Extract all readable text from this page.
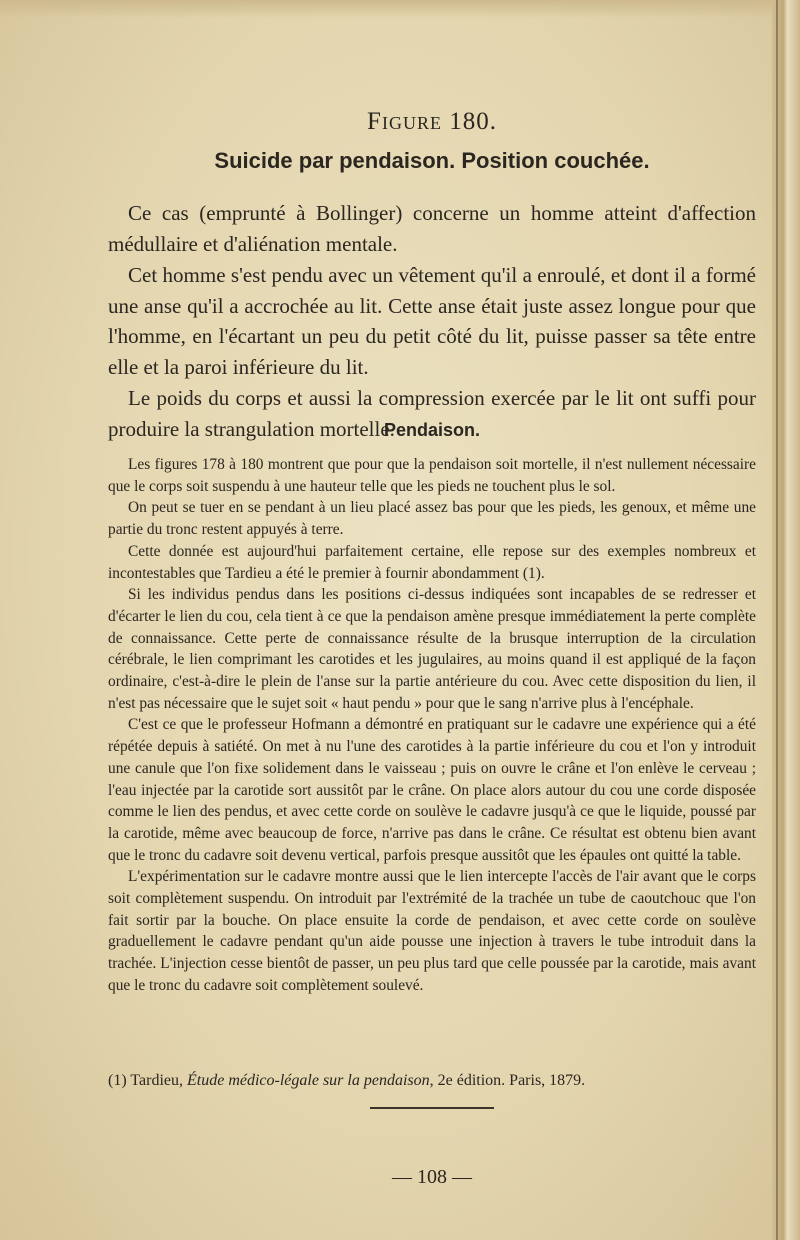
Figure 180.
Suicide par pendaison. Position couchée.

Ce cas (emprunté à Bollinger) concerne un homme atteint d'affection médullaire et d'aliénation mentale.

Cet homme s'est pendu avec un vêtement qu'il a enroulé, et dont il a formé une anse qu'il a accrochée au lit. Cette anse était juste assez longue pour que l'homme, en l'écartant un peu du petit côté du lit, puisse passer sa tête entre elle et la paroi inférieure du lit.

Le poids du corps et aussi la compression exercée par le lit ont suffi pour produire la strangulation mortelle.

Pendaison.

Les figures 178 à 180 montrent que pour que la pendaison soit mortelle, il n'est nullement nécessaire que le corps soit suspendu à une hauteur telle que les pieds ne touchent plus le sol.

On peut se tuer en se pendant à un lieu placé assez bas pour que les pieds, les genoux, et même une partie du tronc restent appuyés à terre.

Cette donnée est aujourd'hui parfaitement certaine, elle repose sur des exemples nombreux et incontestables que Tardieu a été le premier à fournir abondamment (1).

Si les individus pendus dans les positions ci-dessus indiquées sont incapables de se redresser et d'écarter le lien du cou, cela tient à ce que la pendaison amène presque immédiatement la perte complète de connaissance. Cette perte de connaissance résulte de la brusque interruption de la circulation cérébrale, le lien comprimant les carotides et les jugulaires, au moins quand il est appliqué de la façon ordinaire, c'est-à-dire le plein de l'anse sur la partie antérieure du cou. Avec cette disposition du lien, il n'est pas nécessaire que le sujet soit « haut pendu » pour que le sang n'arrive plus à l'encéphale.

C'est ce que le professeur Hofmann a démontré en pratiquant sur le cadavre une expérience qui a été répétée depuis à satiété. On met à nu l'une des carotides à la partie inférieure du cou et l'on y introduit une canule que l'on fixe solidement dans le vaisseau ; puis on ouvre le crâne et l'on enlève le cerveau ; l'eau injectée par la carotide sort aussitôt par le crâne. On place alors autour du cou une corde disposée comme le lien des pendus, et avec cette corde on soulève le cadavre jusqu'à ce que le liquide, poussé par la carotide, même avec beaucoup de force, n'arrive pas dans le crâne. Ce résultat est obtenu bien avant que le tronc du cadavre soit devenu vertical, parfois presque aussitôt que les épaules ont quitté la table.

L'expérimentation sur le cadavre montre aussi que le lien intercepte l'accès de l'air avant que le corps soit complètement suspendu. On introduit par l'extrémité de la trachée un tube de caoutchouc que l'on fait sortir par la bouche. On place ensuite la corde de pendaison, et avec cette corde on soulève graduellement le cadavre pendant qu'un aide pousse une injection à travers le tube introduit dans la trachée. L'injection cesse bientôt de passer, un peu plus tard que celle poussée par la carotide, mais avant que le tronc du cadavre soit complètement soulevé.

(1) Tardieu, Étude médico-légale sur la pendaison, 2e édition. Paris, 1879.
— 108 —
